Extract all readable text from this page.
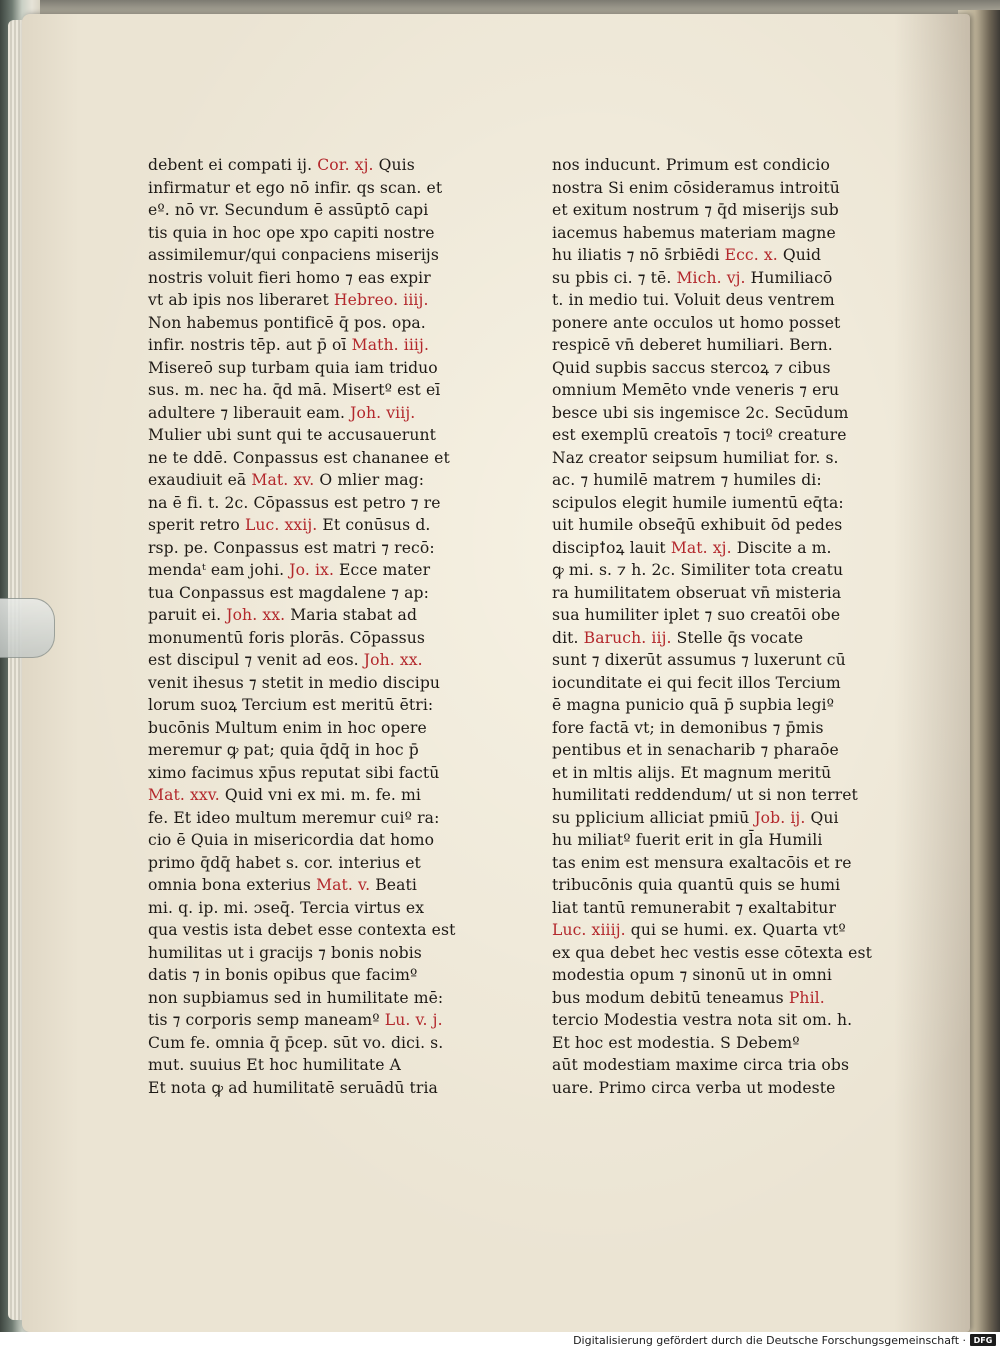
debent ei compati ij. Cor. xj. Quis
infirmatur et ego nō infir. qs scan. et
eº. nō vr. Secundum ē assūptō capi
tis quia in hoc ope xpo capiti nostre
assimilemur/qui conpaciens miserijs
nostris voluit fieri homo ⁊ eas expir
vt ab ipis nos liberaret Hebreo. iiij.
Non habemus pontificē q̄ pos. opa.
infir. nostris tēp. aut p̄ oī Math. iiij.
Misereō sup turbam quia iam triduo
sus. m. nec ha. q̄d mā. Misertº est eī
adultere ⁊ liberauit eam. Joh. viij.
Mulier ubi sunt qui te accusauerunt
ne te ddē. Conpassus est chananee et
exaudiuit eā Mat. xv. O mlier mag:
na ē fi. t. 2c. Cōpassus est petro ⁊ re
sperit retro Luc. xxij. Et conūsus d.
rsp. pe. Conpassus est matri ⁊ recō:
mendaᵗ eam johi. Jo. ix. Ecce mater
tua Conpassus est magdalene ⁊ ap:
paruit ei. Joh. xx. Maria stabat ad
monumentū foris plorās. Cōpassus
est discipul ⁊ venit ad eos. Joh. xx.
venit ihesus ⁊ stetit in medio discipu
lorum suoꝝ Tercium est meritū ētri:
bucōnis Multum enim in hoc opere
meremur ꝙ pat; quia q̄dq̄ in hoc p̄
ximo facimus xp̄us reputat sibi factū
Mat. xxv. Quid vni ex mi. m. fe. mi
fe. Et ideo multum meremur cuiº ra:
cio ē Quia in misericordia dat homo
primo q̄dq̄ habet s. cor. interius et
omnia bona exterius Mat. v. Beati
mi. q. ip. mi. ɔseq̄. Tercia virtus ex
qua vestis ista debet esse contexta est
humilitas ut i gracijs ⁊ bonis nobis
datis ⁊ in bonis opibus que facimº
non supbiamus sed in humilitate mē:
tis ⁊ corporis semp maneamº Lu. v. j.
Cum fe. omnia q̄ p̄cep. sūt vo. dici. s.
mut. suuius Et hoc humilitate A
Et nota ꝙ ad humilitatē seruādū tria
nos inducunt. Primum est condicio
nostra Si enim cōsideramus introitū
et exitum nostrum ⁊ q̄d miserijs sub
iacemus habemus materiam magne
hu iliatis ⁊ nō s̄rbiēdi Ecc. x. Quid
su pbis ci. ⁊ tē. Mich. vj. Humiliacō
t. in medio tui. Voluit deus ventrem
ponere ante occulos ut homo posset
respicē vn̄ deberet humiliari. Bern.
Quid supbis saccus stercoꝝ ⁊ cibus
omnium Memēto vnde veneris ⁊ eru
besce ubi sis ingemisce 2c. Secūdum
est exemplū creatoīs ⁊ tociº creature
Naz creator seipsum humiliat for. s.
ac. ⁊ humilē matrem ⁊ humiles di:
scipulos elegit humile iumentū eq̄ta:
uit humile obseq̄ū exhibuit ōd pedes
discipꝉoꝝ lauit Mat. xj. Discite a m.
ꝙ mi. s. ⁊ h. 2c. Similiter tota creatu
ra humilitatem obseruat vn̄ misteria
sua humiliter iplet ⁊ suo creatōi obe
dit. Baruch. iij. Stelle q̄s vocate
sunt ⁊ dixerūt assumus ⁊ luxerunt cū
iocunditate ei qui fecit illos Tercium
ē magna punicio quā p̄ supbia legiº
fore factā vt; in demonibus ⁊ p̄mis
pentibus et in senacharib ⁊ pharaōe
et in mltis alijs. Et magnum meritū
humilitati reddendum/ ut si non terret
su pplicium alliciat pmiū Job. ij. Qui
hu miliatº fuerit erit in gl̄a Humili
tas enim est mensura exaltacōis et re
tribucōnis quia quantū quis se humi
liat tantū remunerabit ⁊ exaltabitur
Luc. xiiij. qui se humi. ex. Quarta vtº
ex qua debet hec vestis esse cōtexta est
modestia opum ⁊ sinonū ut in omni
bus modum debitū teneamus Phil.
tercio Modestia vestra nota sit om. h.
Et hoc est modestia. S Debemº
aūt modestiam maxime circa tria obs
uare. Primo circa verba ut modeste
Digitalisierung gefördert durch die Deutsche Forschungsgemeinschaft · DFG
